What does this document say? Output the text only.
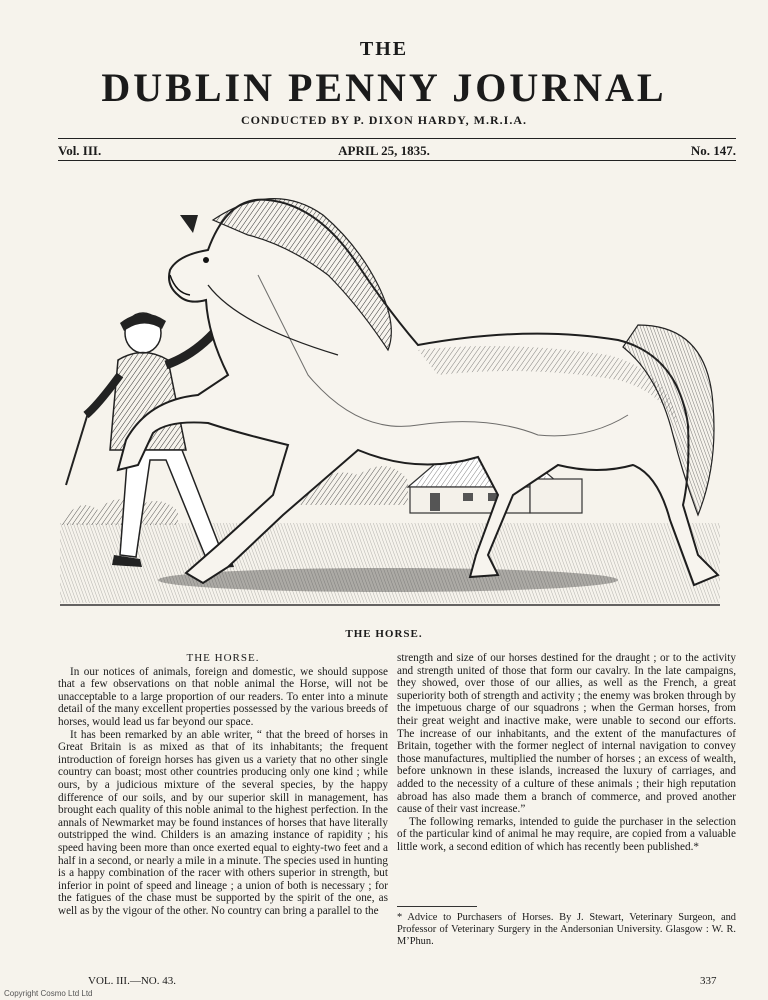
THE
DUBLIN PENNY JOURNAL
CONDUCTED BY P. DIXON HARDY, M.R.I.A.
Vol. III.	APRIL 25, 1835.	No. 147.
THE HORSE.

THE HORSE.

In our notices of animals, foreign and domestic, we should suppose that a few observations on that noble animal the Horse, will not be unacceptable to a large proportion of our readers. To enter into a minute detail of the many excellent properties possessed by the various breeds of horses, would lead us far beyond our space.

It has been remarked by an able writer, “ that the breed of horses in Great Britain is as mixed as that of its inhabitants; the frequent introduction of foreign horses has given us a variety that no other single country can boast; most other countries producing only one kind ; while ours, by a judicious mixture of the several species, by the happy difference of our soils, and by our superior skill in management, has brought each quality of this noble animal to the highest perfection. In the annals of Newmarket may be found instances of horses that have literally outstripped the wind. Childers is an amazing instance of rapidity ; his speed having been more than once exerted equal to eighty-two feet and a half in a second, or nearly a mile in a minute. The species used in hunting is a happy combination of the racer with others superior in strength, but inferior in point of speed and lineage ; a union of both is necessary ; for the fatigues of the chase must be supported by the spirit of the one, as well as by the vigour of the other. No country can bring a parallel to the

strength and size of our horses destined for the draught ; or to the activity and strength united of those that form our cavalry. In the late campaigns, they showed, over those of our allies, as well as the French, a great superiority both of strength and activity ; the enemy was broken through by the impetuous charge of our squadrons ; when the German horses, from their great weight and inactive make, were unable to second our efforts. The increase of our inhabitants, and the extent of the manufactures of Britain, together with the former neglect of internal navigation to convey those manufactures, multiplied the number of horses ; an excess of wealth, before unknown in these islands, increased the luxury of carriages, and added to the necessity of a culture of these animals ; their high reputation abroad has also made them a branch of commerce, and proved another cause of their vast increase.”

The following remarks, intended to guide the purchaser in the selection of the particular kind of animal he may require, are copied from a valuable little work, a second edition of which has recently been published.*

* Advice to Purchasers of Horses. By J. Stewart, Veterinary Surgeon, and Professor of Veterinary Surgery in the Andersonian University. Glasgow : W. R. M’Phun.
VOL. III.—NO. 43.	337
Copyright Cosmo Ltd Ltd
